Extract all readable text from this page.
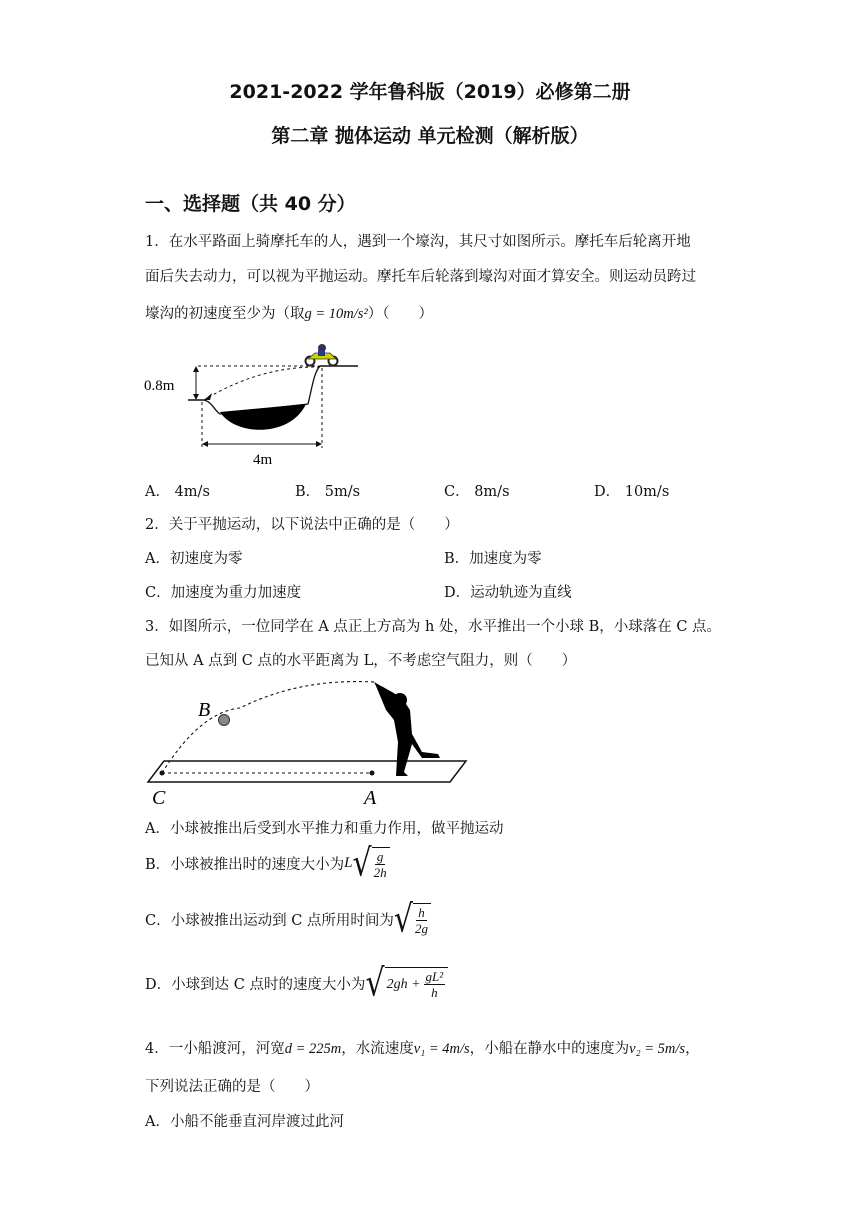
2021-2022 学年鲁科版（2019）必修第二册
第二章 抛体运动 单元检测（解析版）
一、选择题（共 40 分）
1．在水平路面上骑摩托车的人，遇到一个壕沟，其尺寸如图所示。摩托车后轮离开地
面后失去动力，可以视为平抛运动。摩托车后轮落到壕沟对面才算安全。则运动员跨过
壕沟的初速度至少为（取g = 10m/s²）（　　）
0.8m
4m
A． 4m/s	B． 5m/s	C． 8m/s	D． 10m/s
2．关于平抛运动，以下说法中正确的是（　　）
A．初速度为零	B．加速度为零
C．加速度为重力加速度	D．运动轨迹为直线
3．如图所示，一位同学在 A 点正上方高为 h 处，水平推出一个小球 B，小球落在 C 点。
已知从 A 点到 C 点的水平距离为 L，不考虑空气阻力，则（　　）
B
C	A
A．小球被推出后受到水平推力和重力作用，做平抛运动
B．小球被推出时的速度大小为 L √ $\frac{g}{2h}$
C．小球被推出运动到 C 点所用时间为 √ $\frac{h}{2g}$
D．小球到达 C 点时的速度大小为 √ $2gh + \frac{\text{gL²}}{h}$
4．一小船渡河，河宽d = 225m，水流速度v₁ = 4m/s，小船在静水中的速度为v₂ = 5m/s，
下列说法正确的是（　　）
A．小船不能垂直河岸渡过此河
